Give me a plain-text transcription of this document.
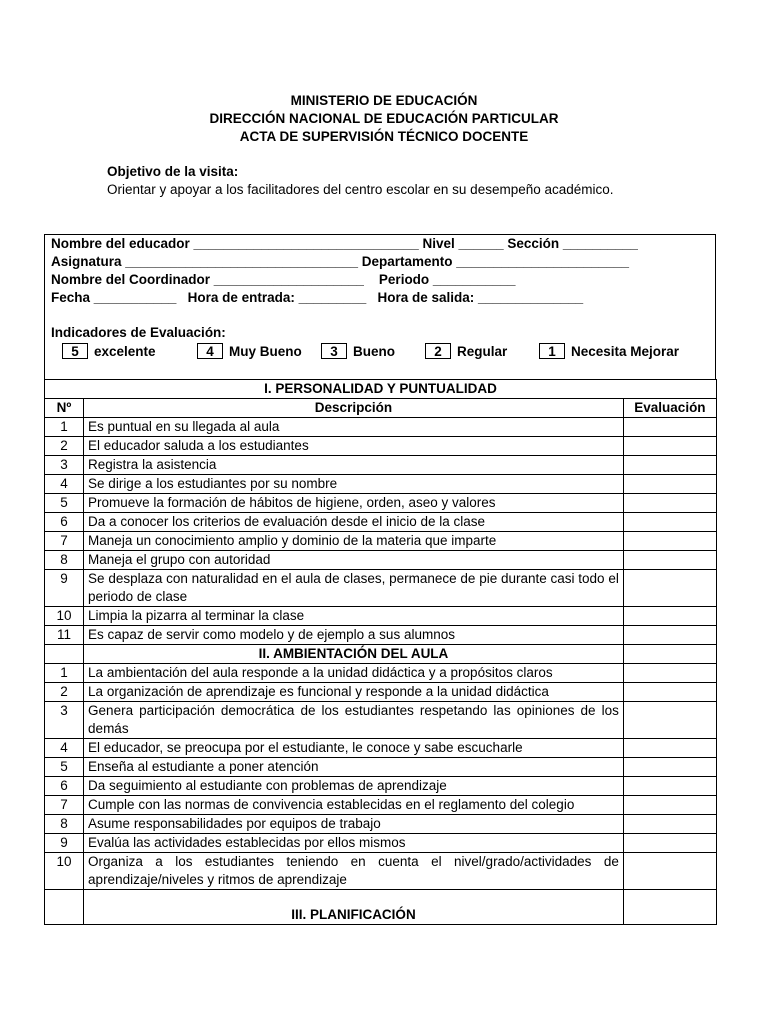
MINISTERIO DE EDUCACIÓN
DIRECCIÓN NACIONAL DE EDUCACIÓN PARTICULAR
ACTA DE SUPERVISIÓN TÉCNICO DOCENTE
Objetivo de la visita:
Orientar y apoyar a los facilitadores del centro escolar en su desempeño académico.
Nombre del educador ______________________________ Nivel ______ Sección __________
Asignatura _______________________________ Departamento _______________________
Nombre del Coordinador ____________________    Periodo ___________
Fecha ___________   Hora de entrada: _________   Hora de salida: ______________
Indicadores de Evaluación:
5 excelente	4 Muy Bueno	3 Bueno	2 Regular	1 Necesita Mejorar
I. PERSONALIDAD Y PUNTUALIDAD		
Nº	Descripción	Evaluación
1	Es puntual en su llegada al aula	
2	El educador saluda a los estudiantes	
3	Registra la asistencia	
4	Se dirige a los estudiantes por su nombre	
5	Promueve la formación de hábitos de higiene, orden, aseo y valores	
6	Da a conocer los criterios de evaluación desde el inicio de la clase	
7	Maneja un conocimiento amplio y dominio de la materia que imparte	
8	Maneja el grupo con autoridad	
9	Se desplaza con naturalidad en el aula de clases, permanece de pie durante casi todo el periodo de clase	
10	Limpia la pizarra al terminar la clase	
11	Es capaz de servir como modelo y de ejemplo a sus alumnos	
	II. AMBIENTACIÓN DEL AULA	
1	La ambientación del aula responde a la unidad didáctica y a propósitos claros	
2	La organización de aprendizaje es funcional y responde a la unidad didáctica	
3	Genera participación democrática de los estudiantes respetando las opiniones de los demás	
4	El educador, se preocupa por el estudiante, le conoce y sabe escucharle	
5	Enseña al estudiante a poner atención	
6	Da seguimiento al estudiante con problemas de aprendizaje	
7	Cumple con las normas de convivencia establecidas en el reglamento del colegio	
8	Asume responsabilidades por equipos de trabajo	
9	Evalúa las actividades establecidas por ellos mismos	
10	Organiza a los estudiantes teniendo en cuenta el nivel/grado/actividades de aprendizaje/niveles y ritmos de aprendizaje	
	III. PLANIFICACIÓN	
